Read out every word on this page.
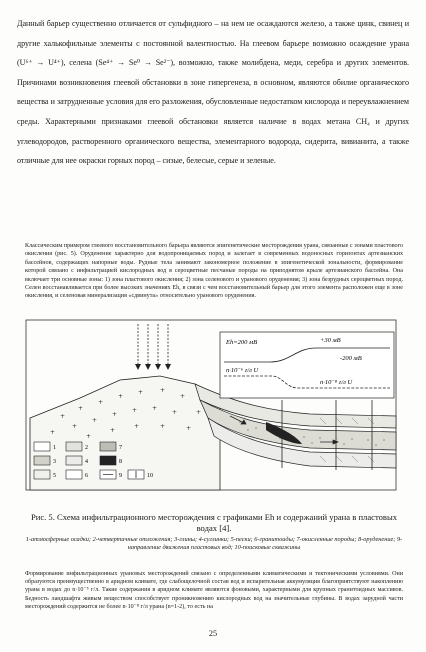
Данный барьер существенно отличается от сульфидного – на нем не осаждаются железо, а также цинк, свинец и другие халькофильные элементы с постоянной валентностью. На глеевом барьере возможно осаждение урана (U⁶⁺ → U⁴⁺), селена (Se⁴⁺ → Se⁰ → Se²⁻), возможно, также молибдена, меди, серебра и других элементов. Причинами возникновения глеевой обстановки в зоне гипергенеза, в основном, являются обилие органического вещества и затрудненные условия для его разложения, обусловленные недостатком кислорода и переувлажнением среды. Характерными признаками глеевой обстановки является наличие в водах метана CH₄ и других углеводородов, растворенного органического вещества, элементарного водорода, сидерита, вивианита, а также отличные для нее окраски горных пород – сизые, белесые, серые и зеленые.
Классическим примером глеевого восстановительного барьера являются эпигенетические месторождения урана, связанные с зонами пластового окисления (рис. 5). Оруденение характерно для водопроницаемых пород и залегает в современных водоносных горизонтах артезианских бассейнов, содержащих напорные воды. Рудные тела занимают закономерное положение в эпигенетической зональности, формирование которой связано с инфильтрацией кислородных вод в сероцветные песчаные породы на приподнятом крыле артезианского бассейна. Она включает три основные зоны: 1) зона пластового окисления; 2) зона селенового и уранового оруденения; 3) зона безрудных сероцветных пород. Селен восстанавливается при более высоких значениях Eh, в связи с чем восстановительный барьер для этого элемента расположен еще в зоне окисления, и селеновая минерализация «сдвинута» относительно уранового оруденения.
+
+
+
+
+	+
+
+
+
+
+
+ +
+	+
+
+
+	+	+
Eh=200 мВ
n·10⁻⁶ г/л U
+30 мВ
-200 мВ
n·10⁻⁸ г/л U
1	2
3	4
5	6
7
8
9	10
Рис. 5. Схема инфильтрационного месторождения с графиками Eh и содержаний урана в пластовых водах [4].
1-атмосферные осадки; 2-четвертичные отложения; 3-глины; 4-суглинки; 5-пески; 6-гранитоиды; 7-окисленные породы; 8-оруденение; 9-направление движения пластовых вод; 10-поисковые скважины
Формирование инфильтрационных урановых месторождений связано с определенными климатическими и тектоническими условиями. Они образуются преимущественно в аридном климате, где слабощелочной состав вод и испарительная аккумуляция благоприятствуют накоплению урана в водах до n·10⁻⁵ г/л. Такие содержания в аридном климате являются фоновыми, характерными для крупных гранитоидных массивов. Бедность ландшафта живым веществом способствует проникновению кислородных вод на значительные глубины. В водах зарудной части месторождений содержится не более n·10⁻⁸ г/л урана (n=1-2), то есть на
25
